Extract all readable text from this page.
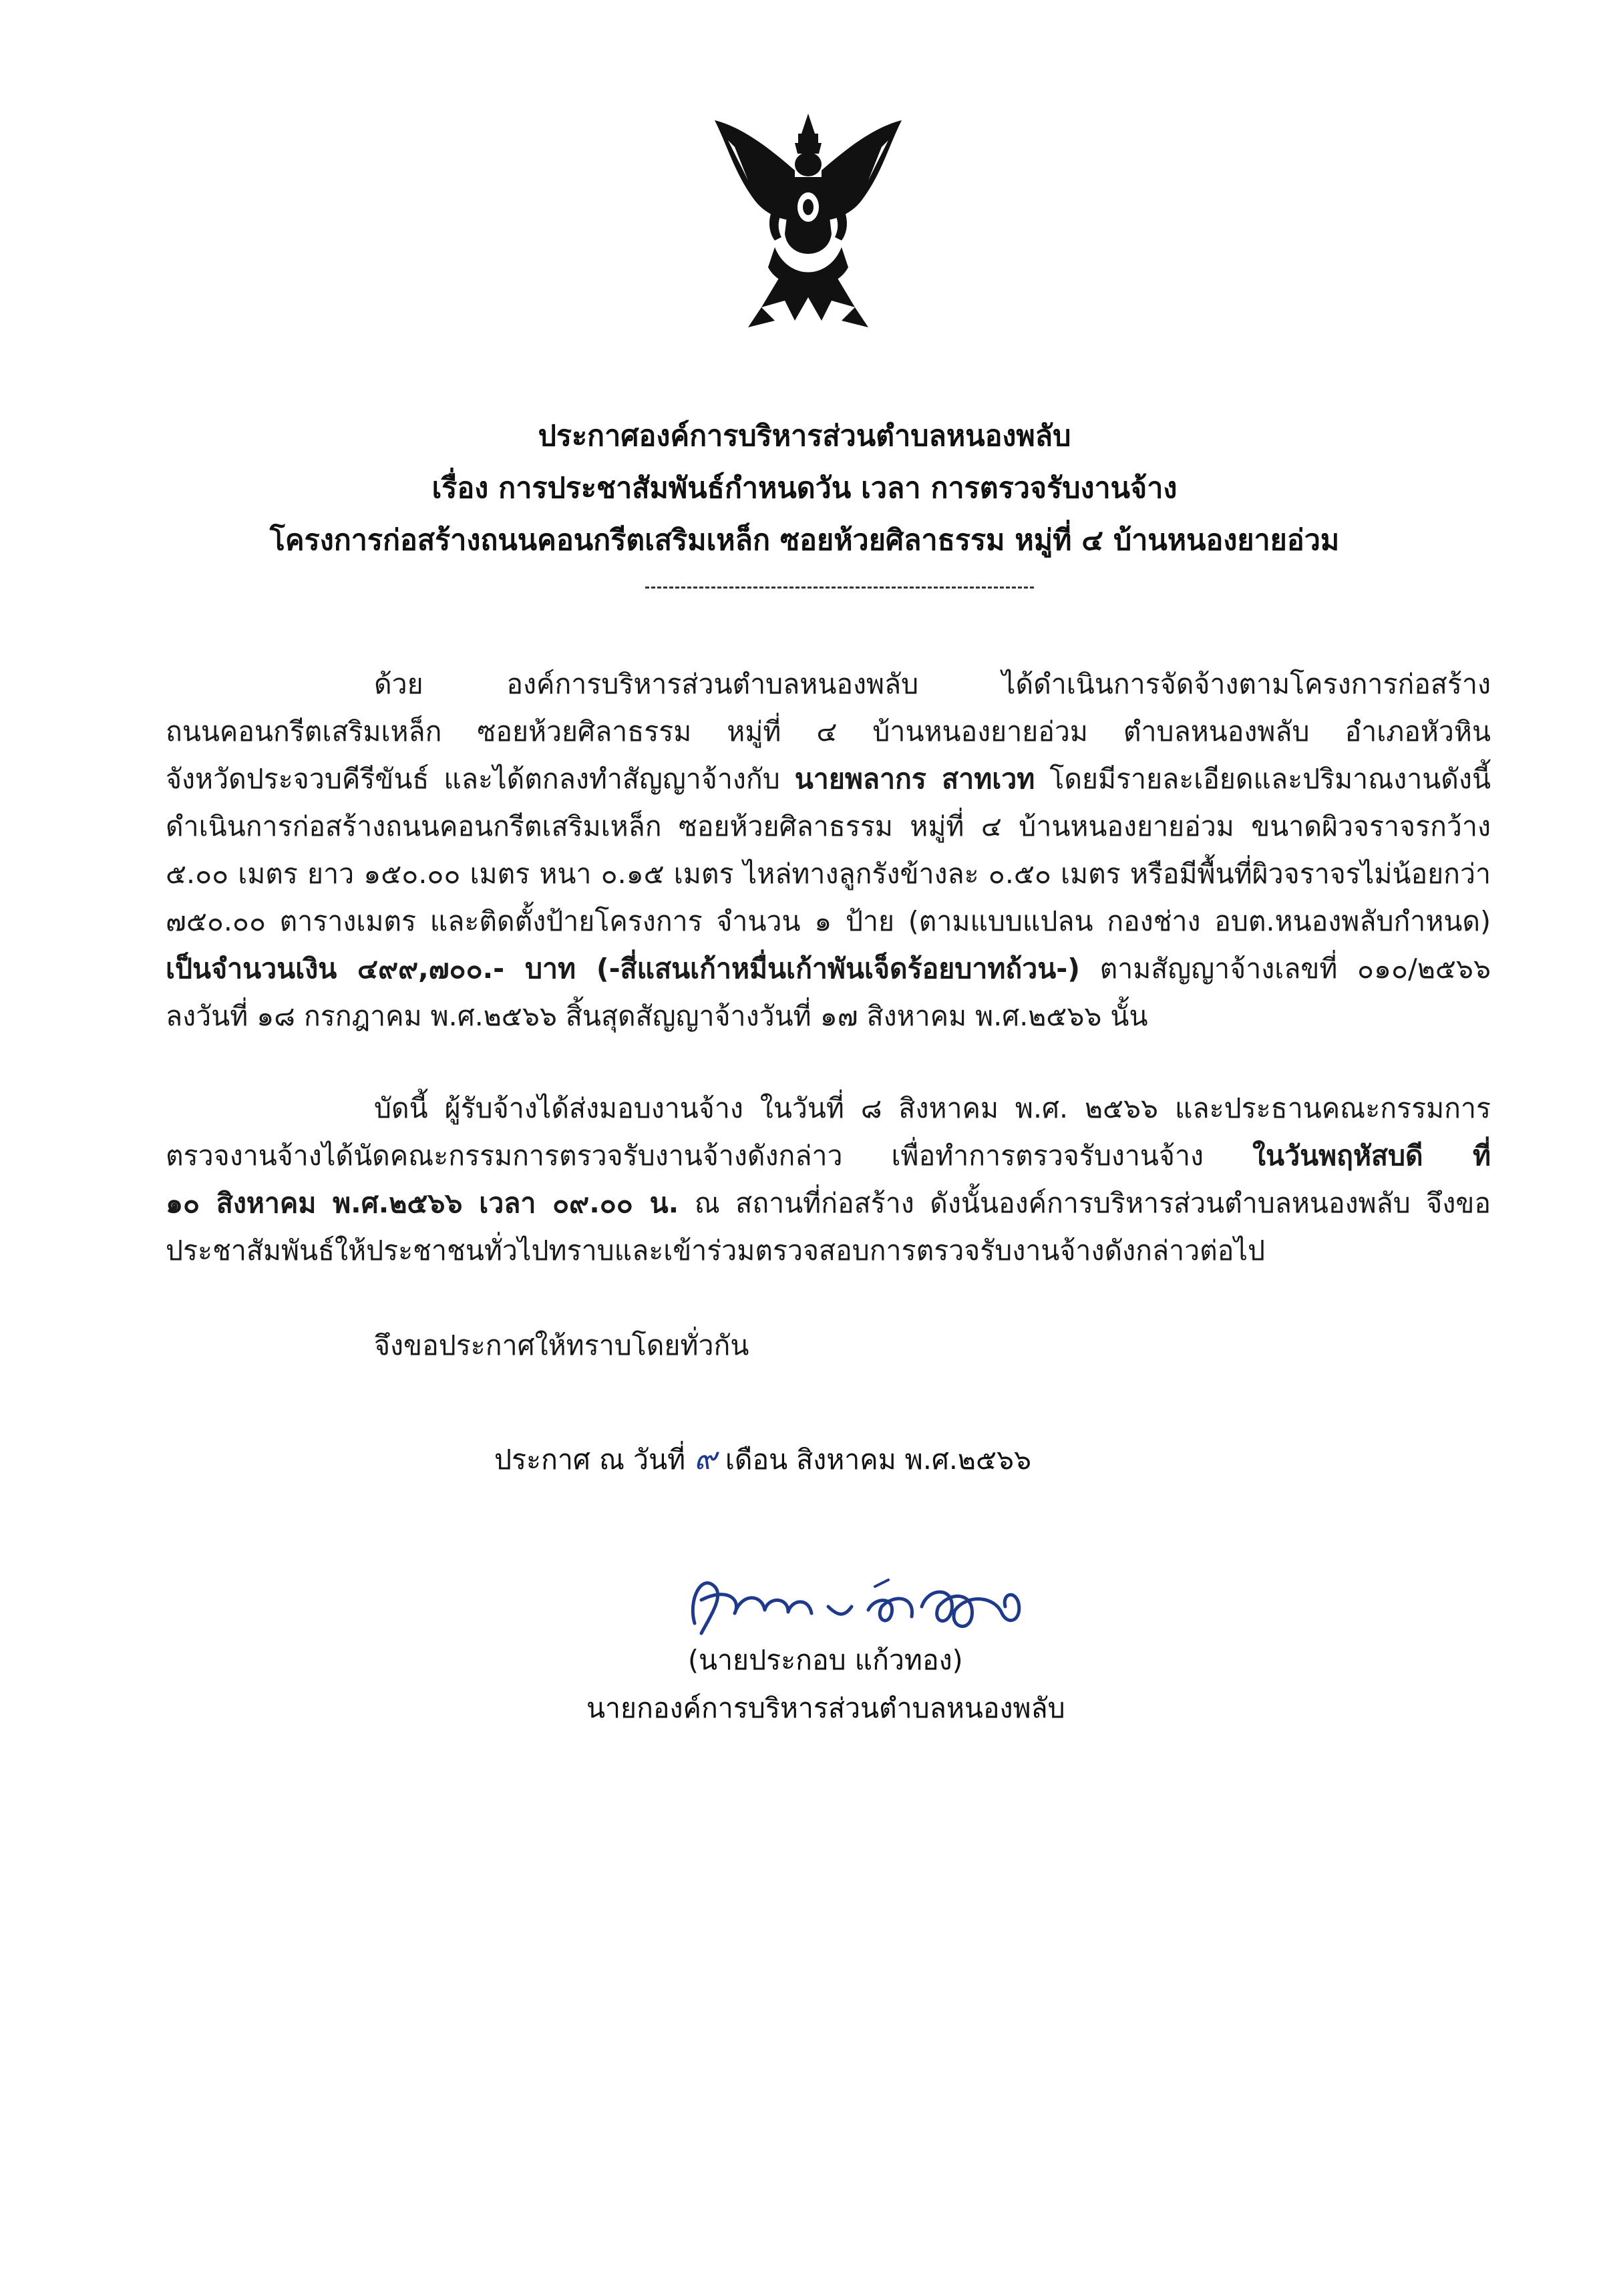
ประกาศองค์การบริหารส่วนตำบลหนองพลับ
เรื่อง การประชาสัมพันธ์กำหนดวัน เวลา การตรวจรับงานจ้าง
โครงการก่อสร้างถนนคอนกรีตเสริมเหล็ก ซอยห้วยศิลาธรรม หมู่ที่ ๔ บ้านหนองยายอ่วม
ด้วย องค์การบริหารส่วนตำบลหนองพลับ ได้ดำเนินการจัดจ้างตามโครงการก่อสร้าง
ถนนคอนกรีตเสริมเหล็ก ซอยห้วยศิลาธรรม หมู่ที่ ๔ บ้านหนองยายอ่วม ตำบลหนองพลับ อำเภอหัวหิน
จังหวัดประจวบคีรีขันธ์ และได้ตกลงทำสัญญาจ้างกับ นายพลากร สาทเวท โดยมีรายละเอียดและปริมาณงานดังนี้
ดำเนินการก่อสร้างถนนคอนกรีตเสริมเหล็ก ซอยห้วยศิลาธรรม หมู่ที่ ๔ บ้านหนองยายอ่วม ขนาดผิวจราจรกว้าง
๕.๐๐ เมตร ยาว ๑๕๐.๐๐ เมตร หนา ๐.๑๕ เมตร ไหล่ทางลูกรังข้างละ ๐.๕๐ เมตร หรือมีพื้นที่ผิวจราจรไม่น้อยกว่า
๗๕๐.๐๐ ตารางเมตร และติดตั้งป้ายโครงการ จำนวน ๑ ป้าย (ตามแบบแปลน กองช่าง อบต.หนองพลับกำหนด)
เป็นจำนวนเงิน ๔๙๙,๗๐๐.- บาท (-สี่แสนเก้าหมื่นเก้าพันเจ็ดร้อยบาทถ้วน-) ตามสัญญาจ้างเลขที่ ๐๑๐/๒๕๖๖
ลงวันที่ ๑๘ กรกฎาคม พ.ศ.๒๕๖๖ สิ้นสุดสัญญาจ้างวันที่ ๑๗ สิงหาคม พ.ศ.๒๕๖๖ นั้น
บัดนี้ ผู้รับจ้างได้ส่งมอบงานจ้าง ในวันที่ ๘ สิงหาคม พ.ศ. ๒๕๖๖ และประธานคณะกรรมการ
ตรวจงานจ้างได้นัดคณะกรรมการตรวจรับงานจ้างดังกล่าว เพื่อทำการตรวจรับงานจ้าง ในวันพฤหัสบดี ที่
๑๐ สิงหาคม พ.ศ.๒๕๖๖ เวลา ๐๙.๐๐ น. ณ สถานที่ก่อสร้าง ดังนั้นองค์การบริหารส่วนตำบลหนองพลับ จึงขอ
ประชาสัมพันธ์ให้ประชาชนทั่วไปทราบและเข้าร่วมตรวจสอบการตรวจรับงานจ้างดังกล่าวต่อไป
จึงขอประกาศให้ทราบโดยทั่วกัน
ประกาศ ณ วันที่ ๙ เดือน สิงหาคม พ.ศ.๒๕๖๖
(นายประกอบ แก้วทอง)
นายกองค์การบริหารส่วนตำบลหนองพลับ
